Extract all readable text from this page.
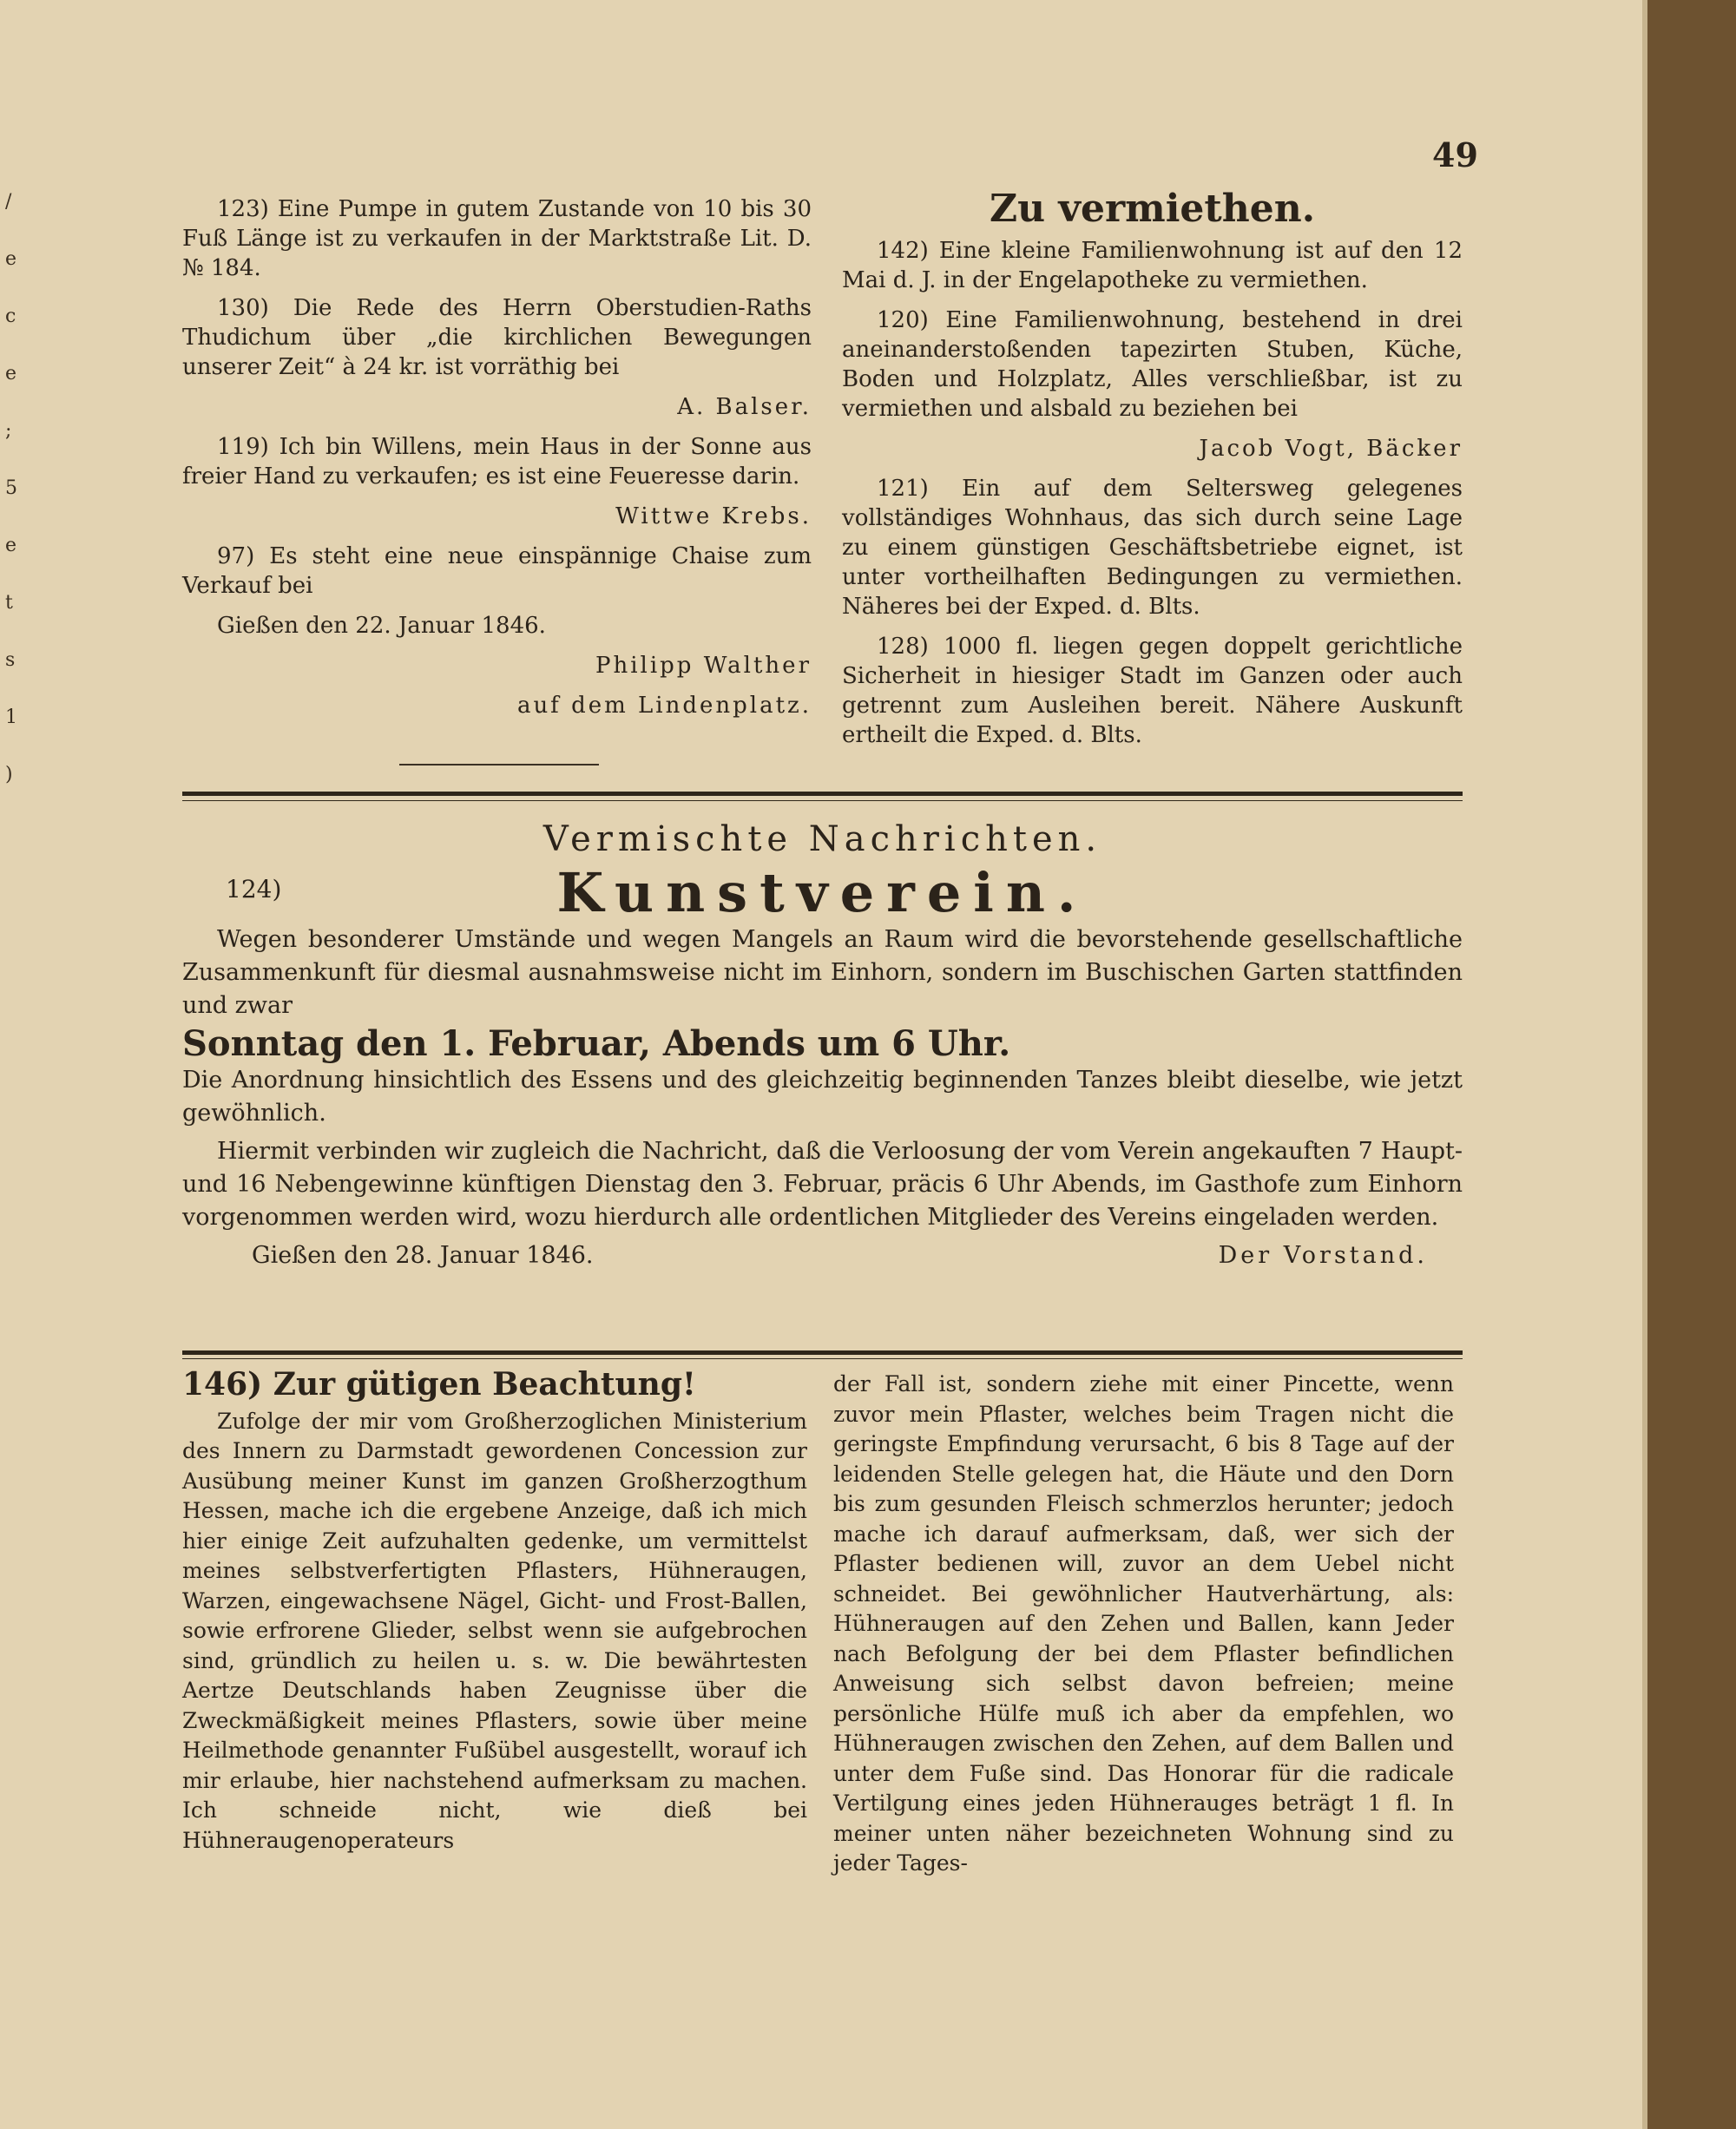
/
e
c
e
;
5
e
t
s
1
)
49

123) Eine Pumpe in gutem Zustande von 10 bis 30 Fuß Länge ist zu verkaufen in der Marktstraße Lit. D. № 184.

130) Die Rede des Herrn Oberstudien-Raths Thudichum über „die kirchlichen Bewegungen unserer Zeit“ à 24 kr. ist vorräthig bei

A. Balser.

119) Ich bin Willens, mein Haus in der Sonne aus freier Hand zu verkaufen; es ist eine Feueresse darin.

Wittwe Krebs.

97) Es steht eine neue einspännige Chaise zum Verkauf bei

Gießen den 22. Januar 1846.

Philipp Walther
auf dem Lindenplatz.
Zu vermiethen.

142) Eine kleine Familienwohnung ist auf den 12 Mai d. J. in der Engelapotheke zu vermiethen.

120) Eine Familienwohnung, bestehend in drei aneinanderstoßenden tapezirten Stuben, Küche, Boden und Holzplatz, Alles verschließbar, ist zu vermiethen und alsbald zu beziehen bei

Jacob Vogt, Bäcker

121) Ein auf dem Seltersweg gelegenes vollständiges Wohnhaus, das sich durch seine Lage zu einem günstigen Geschäftsbetriebe eignet, ist unter vortheilhaften Bedingungen zu vermiethen. Näheres bei der Exped. d. Blts.

128) 1000 fl. liegen gegen doppelt gerichtliche Sicherheit in hiesiger Stadt im Ganzen oder auch getrennt zum Ausleihen bereit. Nähere Auskunft ertheilt die Exped. d. Blts.

Vermischte Nachrichten.
124)	Kunstverein.

Wegen besonderer Umstände und wegen Mangels an Raum wird die bevorstehende gesellschaftliche Zusammenkunft für diesmal ausnahmsweise nicht im Einhorn, sondern im Buschischen Garten stattfinden und zwar

Sonntag den 1. Februar, Abends um 6 Uhr.

Die Anordnung hinsichtlich des Essens und des gleichzeitig beginnenden Tanzes bleibt dieselbe, wie jetzt gewöhnlich.

Hiermit verbinden wir zugleich die Nachricht, daß die Verloosung der vom Verein angekauften 7 Haupt- und 16 Nebengewinne künftigen Dienstag den 3. Februar, präcis 6 Uhr Abends, im Gasthofe zum Einhorn vorgenommen werden wird, wozu hierdurch alle ordentlichen Mitglieder des Vereins eingeladen werden.

Gießen den 28. Januar 1846.	Der Vorstand.

146) Zur gütigen Beachtung!

Zufolge der mir vom Großherzoglichen Ministerium des Innern zu Darmstadt gewordenen Concession zur Ausübung meiner Kunst im ganzen Großherzogthum Hessen, mache ich die ergebene Anzeige, daß ich mich hier einige Zeit aufzuhalten gedenke, um vermittelst meines selbstverfertigten Pflasters, Hühneraugen, Warzen, eingewachsene Nägel, Gicht- und Frost-Ballen, sowie erfrorene Glieder, selbst wenn sie aufgebrochen sind, gründlich zu heilen u. s. w. Die bewährtesten Aertze Deutschlands haben Zeugnisse über die Zweckmäßigkeit meines Pflasters, sowie über meine Heilmethode genannter Fußübel ausgestellt, worauf ich mir erlaube, hier nachstehend aufmerksam zu machen. Ich schneide nicht, wie dieß bei Hühneraugenoperateurs

der Fall ist, sondern ziehe mit einer Pincette, wenn zuvor mein Pflaster, welches beim Tragen nicht die geringste Empfindung verursacht, 6 bis 8 Tage auf der leidenden Stelle gelegen hat, die Häute und den Dorn bis zum gesunden Fleisch schmerzlos herunter; jedoch mache ich darauf aufmerksam, daß, wer sich der Pflaster bedienen will, zuvor an dem Uebel nicht schneidet. Bei gewöhnlicher Hautverhärtung, als: Hühneraugen auf den Zehen und Ballen, kann Jeder nach Befolgung der bei dem Pflaster befindlichen Anweisung sich selbst davon befreien; meine persönliche Hülfe muß ich aber da empfehlen, wo Hühneraugen zwischen den Zehen, auf dem Ballen und unter dem Fuße sind. Das Honorar für die radicale Vertilgung eines jeden Hühnerauges beträgt 1 fl. In meiner unten näher bezeichneten Wohnung sind zu jeder Tages-
